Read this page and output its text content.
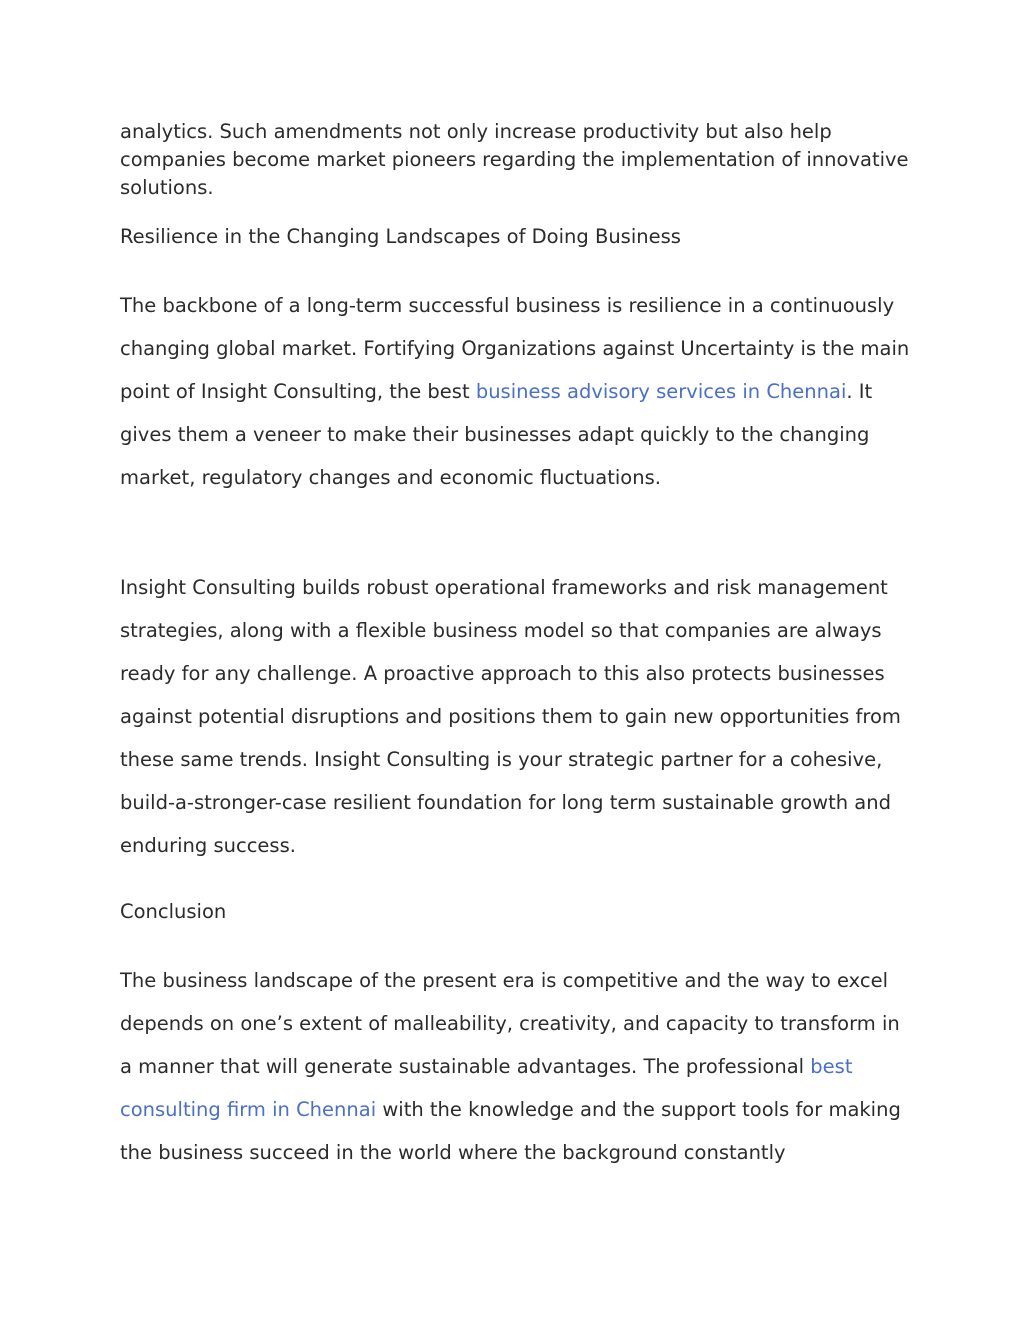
analytics. Such amendments not only increase productivity but also help companies become market pioneers regarding the implementation of innovative solutions.

Resilience in the Changing Landscapes of Doing Business

The backbone of a long-term successful business is resilience in a continuously changing global market. Fortifying Organizations against Uncertainty is the main point of Insight Consulting, the best business advisory services in Chennai. It gives them a veneer to make their businesses adapt quickly to the changing market, regulatory changes and economic fluctuations.

Insight Consulting builds robust operational frameworks and risk management strategies, along with a flexible business model so that companies are always ready for any challenge. A proactive approach to this also protects businesses against potential disruptions and positions them to gain new opportunities from these same trends. Insight Consulting is your strategic partner for a cohesive, build-a-stronger-case resilient foundation for long term sustainable growth and enduring success.

Conclusion

The business landscape of the present era is competitive and the way to excel depends on one’s extent of malleability, creativity, and capacity to transform in a manner that will generate sustainable advantages. The professional best consulting firm in Chennai with the knowledge and the support tools for making the business succeed in the world where the background constantly
